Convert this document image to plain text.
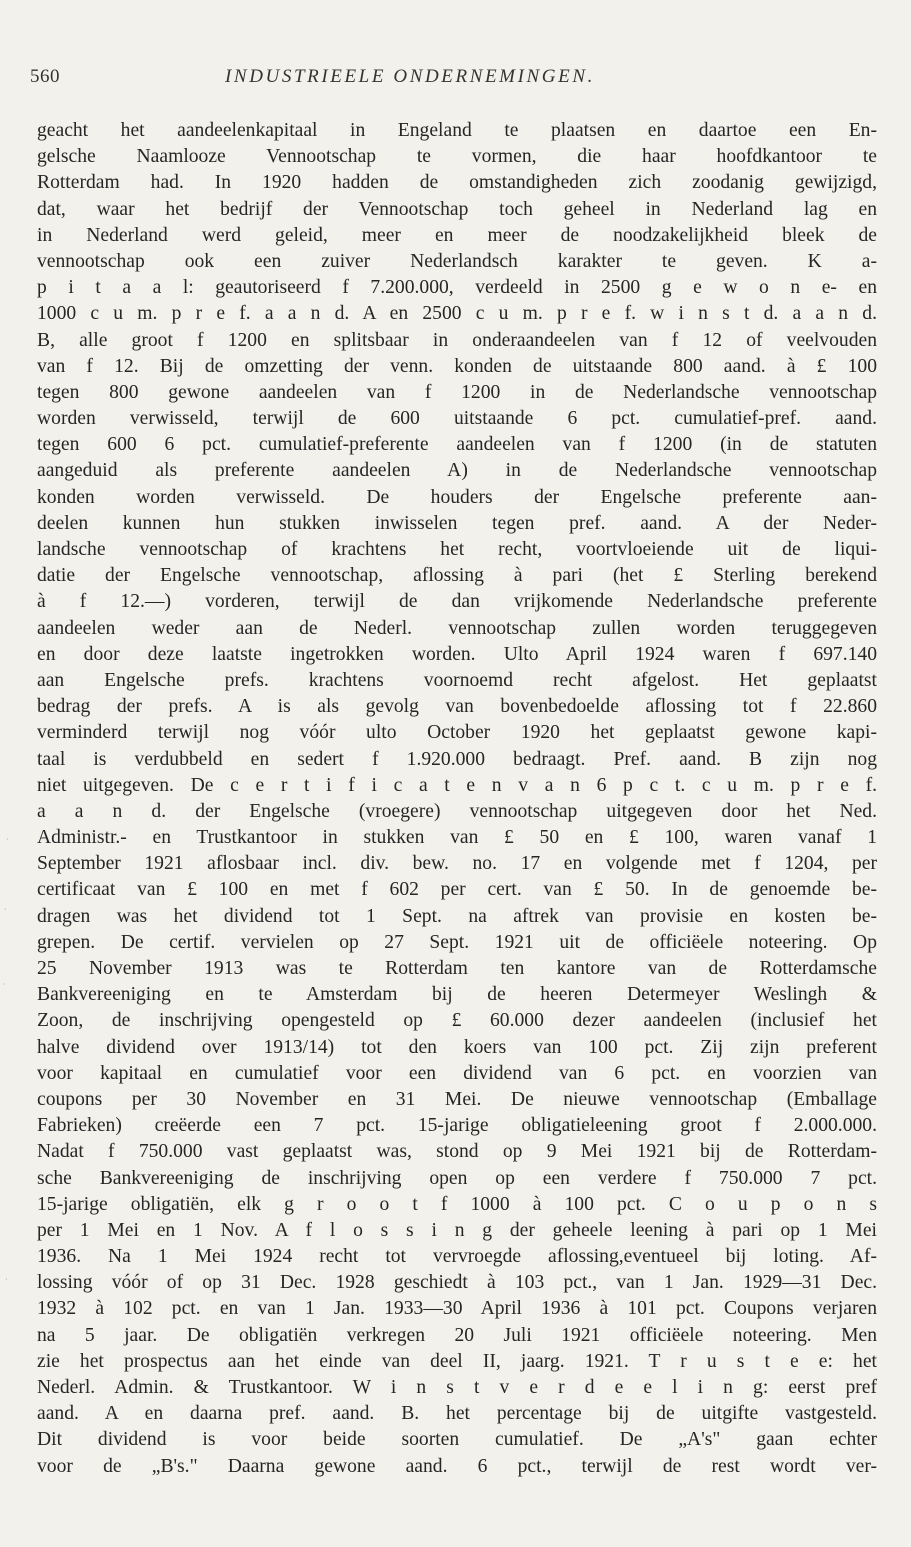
560	INDUSTRIEELE ONDERNEMINGEN.
geacht het aandeelenkapitaal in Engeland te plaatsen en daartoe een En-
gelsche Naamlooze Vennootschap te vormen, die haar hoofdkantoor te
Rotterdam had. In 1920 hadden de omstandigheden zich zoodanig gewijzigd,
dat, waar het bedrijf der Vennootschap toch geheel in Nederland lag en
in Nederland werd geleid, meer en meer de noodzakelijkheid bleek de
vennootschap ook een zuiver Nederlandsch karakter te geven. K a-
p i t a a l: geautoriseerd f 7.200.000, verdeeld in 2500 g e w o n e- en
1000 c u m. p r e f. a a n d. A en 2500 c u m. p r e f. w i n s t d. a a n d.
B, alle groot f 1200 en splitsbaar in onderaandeelen van f 12 of veelvouden
van f 12. Bij de omzetting der venn. konden de uitstaande 800 aand. à £ 100
tegen 800 gewone aandeelen van f 1200 in de Nederlandsche vennootschap
worden verwisseld, terwijl de 600 uitstaande 6 pct. cumulatief-pref. aand.
tegen 600 6 pct. cumulatief-preferente aandeelen van f 1200 (in de statuten
aangeduid als preferente aandeelen A) in de Nederlandsche vennootschap
konden worden verwisseld. De houders der Engelsche preferente aan-
deelen kunnen hun stukken inwisselen tegen pref. aand. A der Neder-
landsche vennootschap of krachtens het recht, voortvloeiende uit de liqui-
datie der Engelsche vennootschap, aflossing à pari (het £ Sterling berekend
à f 12.—) vorderen, terwijl de dan vrijkomende Nederlandsche preferente
aandeelen weder aan de Nederl. vennootschap zullen worden teruggegeven
en door deze laatste ingetrokken worden. Ulto April 1924 waren f 697.140
aan Engelsche prefs. krachtens voornoemd recht afgelost. Het geplaatst
bedrag der prefs. A is als gevolg van bovenbedoelde aflossing tot f 22.860
verminderd terwijl nog vóór ulto October 1920 het geplaatst gewone kapi-
taal is verdubbeld en sedert f 1.920.000 bedraagt. Pref. aand. B zijn nog
niet uitgegeven. De c e r t i f i c a t e n v a n 6 p c t. c u m. p r e f.
a a n d. der Engelsche (vroegere) vennootschap uitgegeven door het Ned.
Administr.- en Trustkantoor in stukken van £ 50 en £ 100, waren vanaf 1
September 1921 aflosbaar incl. div. bew. no. 17 en volgende met f 1204, per
certificaat van £ 100 en met f 602 per cert. van £ 50. In de genoemde be-
dragen was het dividend tot 1 Sept. na aftrek van provisie en kosten be-
grepen. De certif. vervielen op 27 Sept. 1921 uit de officiëele noteering. Op
25 November 1913 was te Rotterdam ten kantore van de Rotterdamsche
Bankvereeniging en te Amsterdam bij de heeren Determeyer Weslingh &
Zoon, de inschrijving opengesteld op £ 60.000 dezer aandeelen (inclusief het
halve dividend over 1913/14) tot den koers van 100 pct. Zij zijn preferent
voor kapitaal en cumulatief voor een dividend van 6 pct. en voorzien van
coupons per 30 November en 31 Mei. De nieuwe vennootschap (Emballage
Fabrieken) creëerde een 7 pct. 15-jarige obligatieleening groot f 2.000.000.
Nadat f 750.000 vast geplaatst was, stond op 9 Mei 1921 bij de Rotterdam-
sche Bankvereeniging de inschrijving open op een verdere f 750.000 7 pct.
15-jarige obligatiën, elk g r o o t f 1000 à 100 pct. C o u p o n s
per 1 Mei en 1 Nov. A f l o s s i n g der geheele leening à pari op 1 Mei
1936. Na 1 Mei 1924 recht tot vervroegde aflossing,eventueel bij loting. Af-
lossing vóór of op 31 Dec. 1928 geschiedt à 103 pct., van 1 Jan. 1929—31 Dec.
1932 à 102 pct. en van 1 Jan. 1933—30 April 1936 à 101 pct. Coupons verjaren
na 5 jaar. De obligatiën verkregen 20 Juli 1921 officiëele noteering. Men
zie het prospectus aan het einde van deel II, jaarg. 1921. T r u s t e e: het
Nederl. Admin. & Trustkantoor. W i n s t v e r d e e l i n g: eerst pref
aand. A en daarna pref. aand. B. het percentage bij de uitgifte vastgesteld.
Dit dividend is voor beide soorten cumulatief. De „A's" gaan echter
voor de „B's." Daarna gewone aand. 6 pct., terwijl de rest wordt ver-
·
·
·
·
